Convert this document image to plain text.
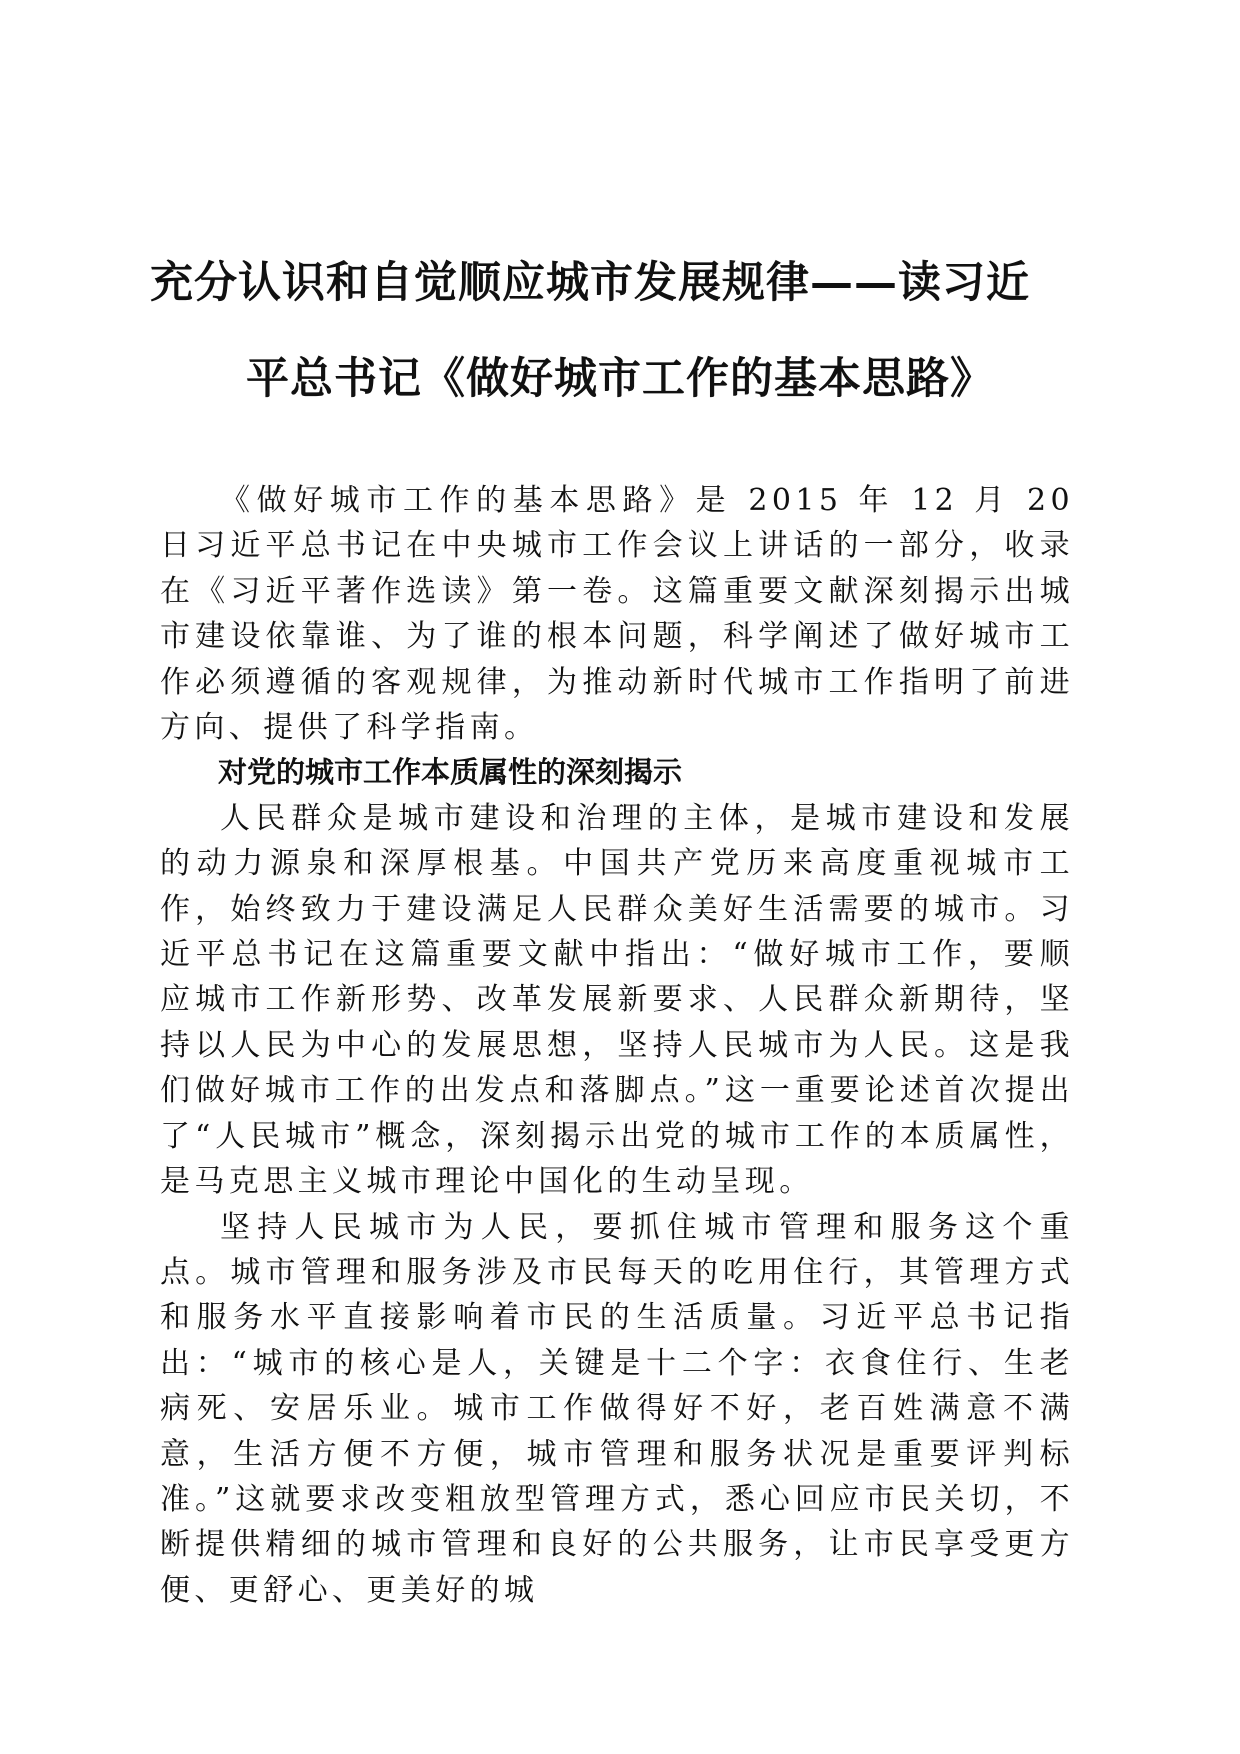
充分认识和自觉顺应城市发展规律——读习近
平总书记《做好城市工作的基本思路》

《做好城市工作的基本思路》是 2015 年 12 月 20 日习近平总书记在中央城市工作会议上讲话的一部分，收录在《习近平著作选读》第一卷。这篇重要文献深刻揭示出城市建设依靠谁、为了谁的根本问题，科学阐述了做好城市工作必须遵循的客观规律，为推动新时代城市工作指明了前进方向、提供了科学指南。

对党的城市工作本质属性的深刻揭示

人民群众是城市建设和治理的主体，是城市建设和发展的动力源泉和深厚根基。中国共产党历来高度重视城市工作，始终致力于建设满足人民群众美好生活需要的城市。习近平总书记在这篇重要文献中指出：“做好城市工作，要顺应城市工作新形势、改革发展新要求、人民群众新期待，坚持以人民为中心的发展思想，坚持人民城市为人民。这是我们做好城市工作的出发点和落脚点。”这一重要论述首次提出了“人民城市”概念，深刻揭示出党的城市工作的本质属性，是马克思主义城市理论中国化的生动呈现。

坚持人民城市为人民，要抓住城市管理和服务这个重点。城市管理和服务涉及市民每天的吃用住行，其管理方式和服务水平直接影响着市民的生活质量。习近平总书记指出：“城市的核心是人，关键是十二个字：衣食住行、生老病死、安居乐业。城市工作做得好不好，老百姓满意不满意，生活方便不方便，城市管理和服务状况是重要评判标准。”这就要求改变粗放型管理方式，悉心回应市民关切，不断提供精细的城市管理和良好的公共服务，让市民享受更方便、更舒心、更美好的城
